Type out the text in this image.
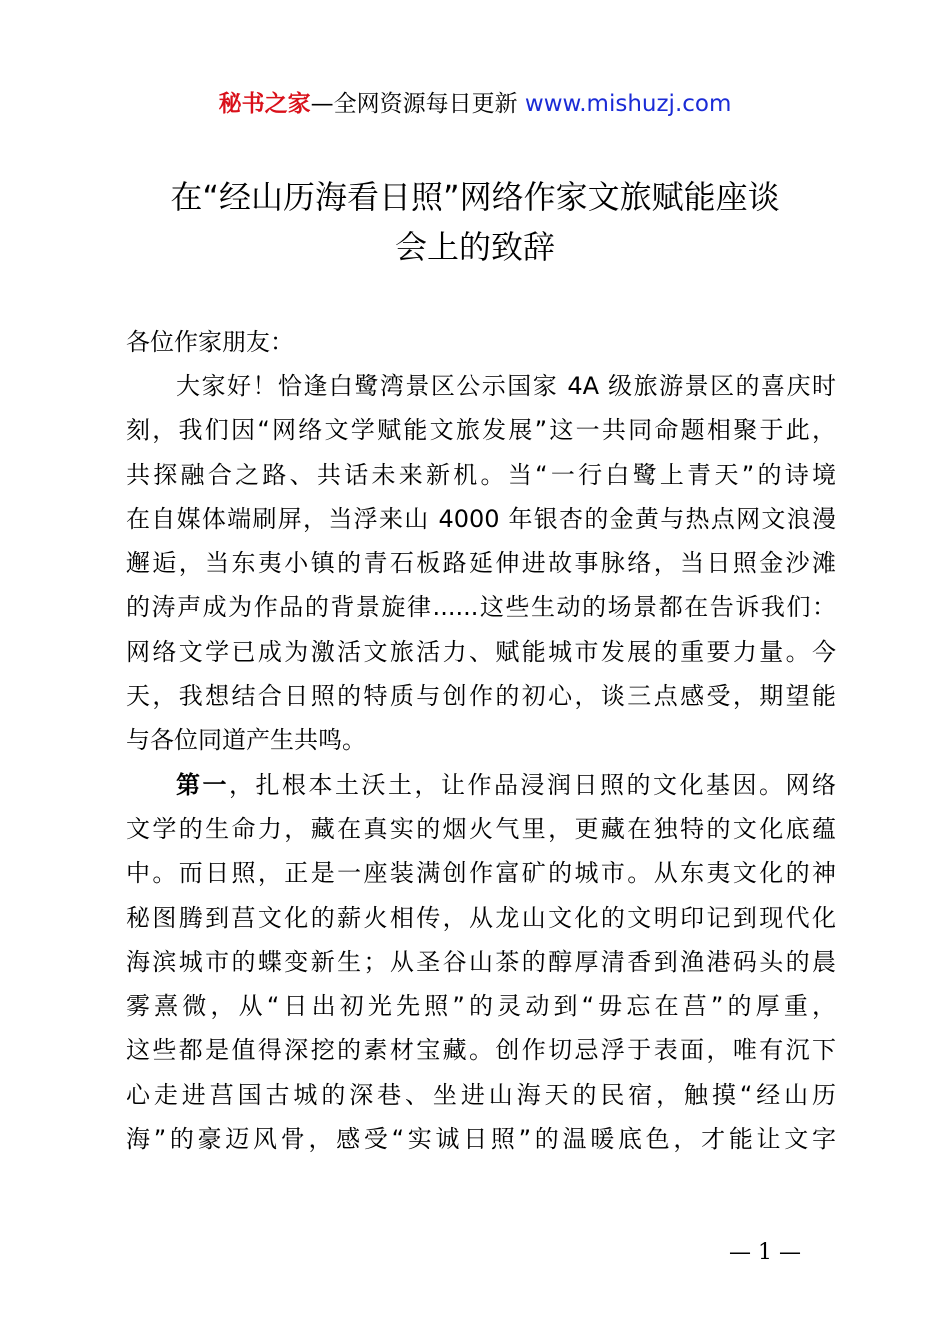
秘书之家—全网资源每日更新 www.mishuzj.com
在“经山历海看日照”网络作家文旅赋能座谈
会上的致辞

各位作家朋友：

大家好！恰逢白鹭湾景区公示国家 4A 级旅游景区的喜庆时
刻，我们因“网络文学赋能文旅发展”这一共同命题相聚于此，
共探融合之路、共话未来新机。当“一行白鹭上青天”的诗境
在自媒体端刷屏，当浮来山 4000 年银杏的金黄与热点网文浪漫
邂逅，当东夷小镇的青石板路延伸进故事脉络，当日照金沙滩
的涛声成为作品的背景旋律......这些生动的场景都在告诉我们：
网络文学已成为激活文旅活力、赋能城市发展的重要力量。今
天，我想结合日照的特质与创作的初心，谈三点感受，期望能
与各位同道产生共鸣。
第一，扎根本土沃土，让作品浸润日照的文化基因。网络
文学的生命力，藏在真实的烟火气里，更藏在独特的文化底蕴
中。而日照，正是一座装满创作富矿的城市。从东夷文化的神
秘图腾到莒文化的薪火相传，从龙山文化的文明印记到现代化
海滨城市的蝶变新生；从圣谷山茶的醇厚清香到渔港码头的晨
雾熹微，从“日出初光先照”的灵动到“毋忘在莒”的厚重，
这些都是值得深挖的素材宝藏。创作切忌浮于表面，唯有沉下
心走进莒国古城的深巷、坐进山海天的民宿，触摸“经山历
海”的豪迈风骨，感受“实诚日照”的温暖底色，才能让文字
— 1 —
